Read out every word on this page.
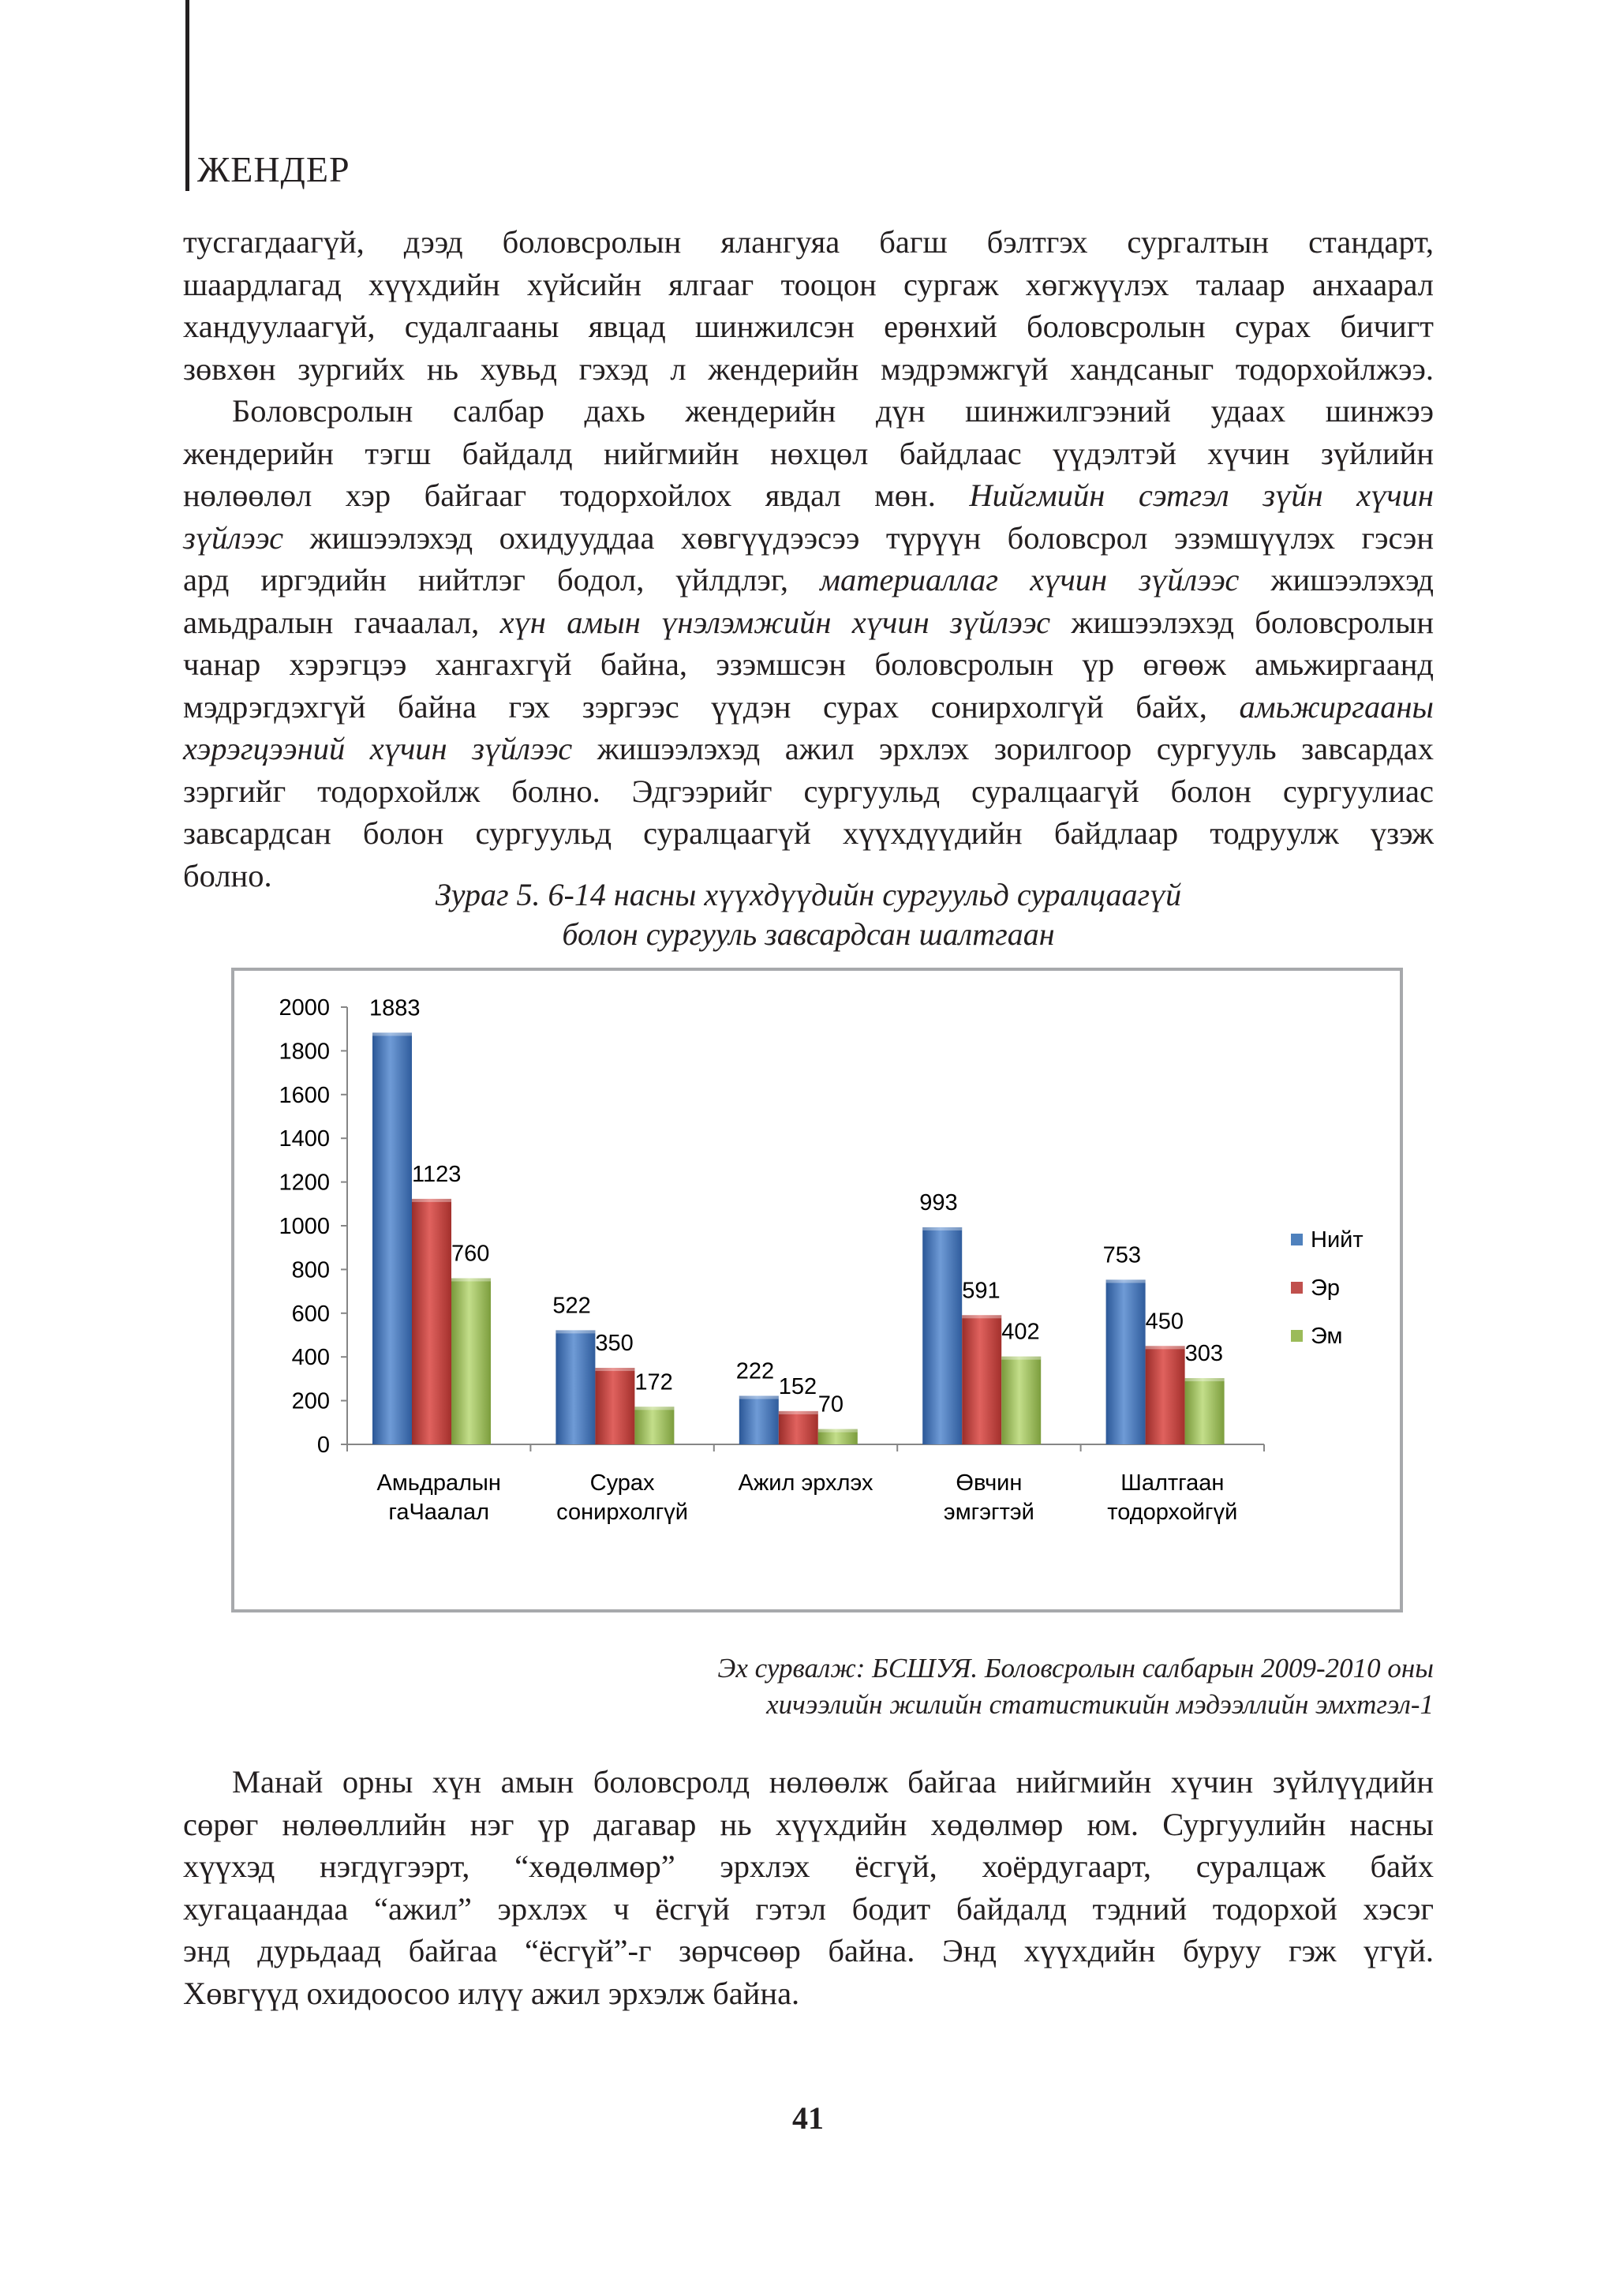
ЖЕНДЕР
тусгагдаагүй, дээд боловсролын ялангуяа багш бэлтгэх сургалтын стандарт,
шаардлагад хүүхдийн хүйсийн ялгааг тооцон сургаж хөгжүүлэх талаар анхаарал
хандуулаагүй, судалгааны явцад шинжилсэн ерөнхий боловсролын сурах бичигт
зөвхөн зургийх нь хувьд гэхэд л жендерийн мэдрэмжгүй хандсаныг тодорхойлжээ.
Боловсролын салбар дахь жендерийн дүн шинжилгээний удаах шинжээ
жендерийн тэгш байдалд нийгмийн нөхцөл байдлаас үүдэлтэй хүчин зүйлийн
нөлөөлөл хэр байгааг тодорхойлох явдал мөн. Нийгмийн сэтгэл зүйн хүчин
зүйлээс жишээлэхэд охидууддаа хөвгүүдээсээ түрүүн боловсрол эзэмшүүлэх гэсэн
ард иргэдийн нийтлэг бодол, үйлдлэг, материаллаг хүчин зүйлээс жишээлэхэд
амьдралын гачаалал, хүн амын үнэлэмжийн хүчин зүйлээс жишээлэхэд боловсролын
чанар хэрэгцээ хангахгүй байна, эзэмшсэн боловсролын үр өгөөж амьжиргаанд
мэдрэгдэхгүй байна гэх зэргээс үүдэн сурах сонирхолгүй байх, амьжиргааны
хэрэгцээний хүчин зүйлээс жишээлэхэд ажил эрхлэх зорилгоор сургууль завсардах
зэргийг тодорхойлж болно. Эдгээрийг сургуульд суралцаагүй болон сургуулиас
завсардсан болон сургуульд суралцаагүй хүүхдүүдийн байдлаар тодруулж үзэж
болно.
Зураг 5. 6-14 насны хүүхдүүдийн сургуульд суралцаагүй
болон сургууль завсардсан шалтгаан
0
200
400
600
800
1000
1200
1400
1600
1800
2000 1883
1123
760
Амьдралын
гаЧаалал
522
350
172
Сурах
сонирхолгүй
222
152
70
Ажил эрхлэх
993
591
402
Өвчин
эмгэгтэй
753
450
303
Шалтгаан
тодорхойгүй
Нийт
Эр
Эм
Эх сурвалж: БСШУЯ. Боловсролын салбарын 2009-2010 оны
хичээлийн жилийн статистикийн мэдээллийн эмхтгэл-1
Манай орны хүн амын боловсролд нөлөөлж байгаа нийгмийн хүчин зүйлүүдийн
сөрөг нөлөөллийн нэг үр дагавар нь хүүхдийн хөдөлмөр юм. Сургуулийн насны
хүүхэд нэгдүгээрт, “хөдөлмөр” эрхлэх ёсгүй, хоёрдугаарт, суралцаж байх
хугацаандаа “ажил” эрхлэх ч ёсгүй гэтэл бодит байдалд тэдний тодорхой хэсэг
энд дурьдаад байгаа “ёсгүй”-г зөрчсөөр байна. Энд хүүхдийн буруу гэж үгүй.
Хөвгүүд охидоосоо илүү ажил эрхэлж байна.
41
